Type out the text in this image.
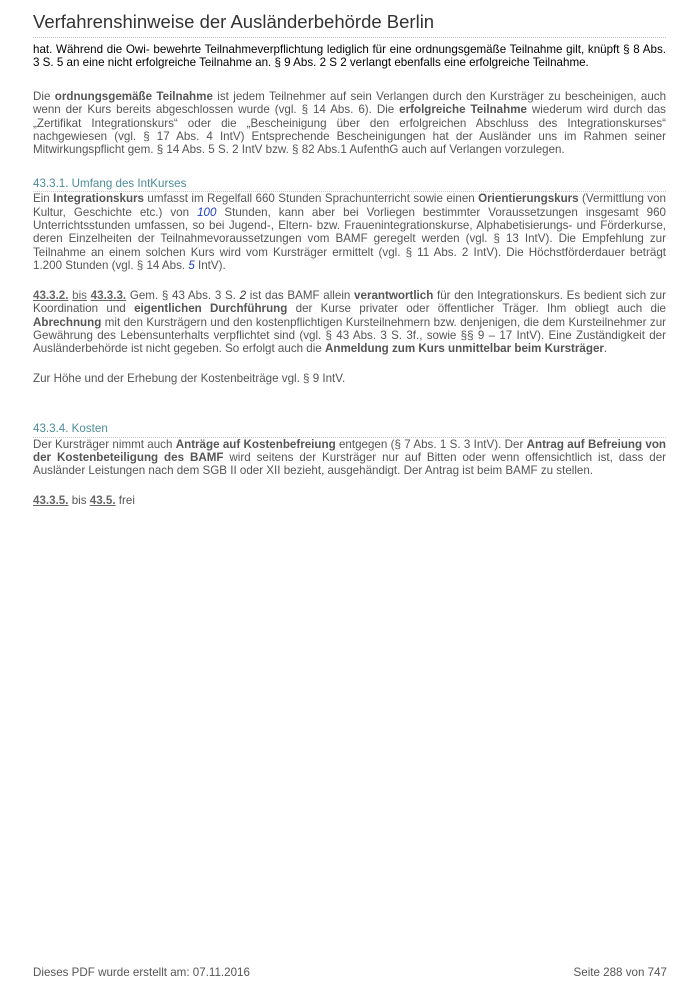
Verfahrenshinweise der Ausländerbehörde Berlin

hat. Während die Owi- bewehrte Teilnahmeverpflichtung lediglich für eine ordnungsgemäße Teilnahme gilt, knüpft § 8 Abs. 3 S. 5 an eine nicht erfolgreiche Teilnahme an. § 9 Abs. 2 S 2 verlangt ebenfalls eine erfolgreiche Teilnahme.

Die ordnungsgemäße Teilnahme ist jedem Teilnehmer auf sein Verlangen durch den Kursträger zu bescheinigen, auch wenn der Kurs bereits abgeschlossen wurde (vgl. § 14 Abs. 6). Die erfolgreiche Teilnahme wiederum wird durch das „Zertifikat Integrationskurs“ oder die „Bescheinigung über den erfolgreichen Abschluss des Integrationskurses“ nachgewiesen (vgl. § 17 Abs. 4 IntV) Entsprechende Bescheinigungen hat der Ausländer uns im Rahmen seiner Mitwirkungspflicht gem. § 14 Abs. 5 S. 2 IntV bzw. § 82 Abs.1 AufenthG auch auf Verlangen vorzulegen.

43.3.1. Umfang des IntKurses

Ein Integrationskurs umfasst im Regelfall 660 Stunden Sprachunterricht sowie einen Orientierungskurs (Vermittlung von Kultur, Geschichte etc.) von 100 Stunden, kann aber bei Vorliegen bestimmter Voraussetzungen insgesamt 960 Unterrichtsstunden umfassen, so bei Jugend-, Eltern- bzw. Frauenintegrationskurse, Alphabetisierungs- und Förderkurse, deren Einzelheiten der Teilnahmevoraussetzungen vom BAMF geregelt werden (vgl. § 13 IntV). Die Empfehlung zur Teilnahme an einem solchen Kurs wird vom Kursträger ermittelt (vgl. § 11 Abs. 2 IntV). Die Höchstförderdauer beträgt 1.200 Stunden (vgl. § 14 Abs. 5 IntV).

43.3.2. bis 43.3.3. Gem. § 43 Abs. 3 S. 2 ist das BAMF allein verantwortlich für den Integrationskurs. Es bedient sich zur Koordination und eigentlichen Durchführung der Kurse privater oder öffentlicher Träger. Ihm obliegt auch die Abrechnung mit den Kursträgern und den kostenpflichtigen Kursteilnehmern bzw. denjenigen, die dem Kursteilnehmer zur Gewährung des Lebensunterhalts verpflichtet sind (vgl. § 43 Abs. 3 S. 3f., sowie §§ 9 – 17 IntV). Eine Zuständigkeit der Ausländerbehörde ist nicht gegeben. So erfolgt auch die Anmeldung zum Kurs unmittelbar beim Kursträger.

Zur Höhe und der Erhebung der Kostenbeiträge vgl. § 9 IntV.

43.3.4. Kosten

Der Kursträger nimmt auch Anträge auf Kostenbefreiung entgegen (§ 7 Abs. 1 S. 3 IntV). Der Antrag auf Befreiung von der Kostenbeteiligung des BAMF wird seitens der Kursträger nur auf Bitten oder wenn offensichtlich ist, dass der Ausländer Leistungen nach dem SGB II oder XII bezieht, ausgehändigt. Der Antrag ist beim BAMF zu stellen.

43.3.5. bis 43.5. frei

Dieses PDF wurde erstellt am: 07.11.2016	Seite 288 von 747
